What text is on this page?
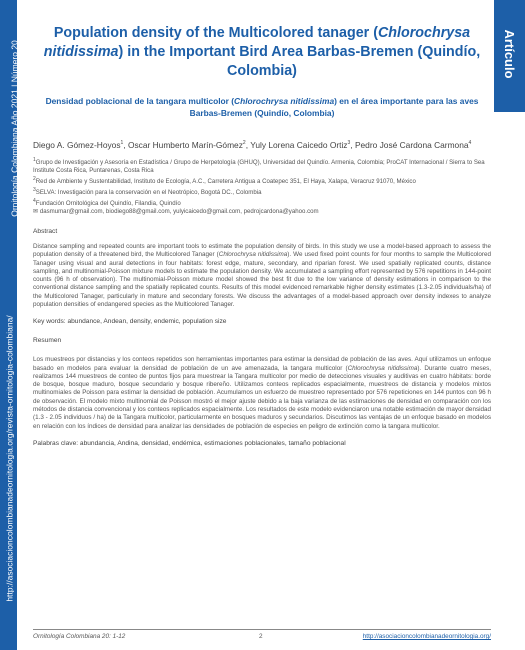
Ornitología Colombiana Año 2021 | Número 20
http://asociacioncolombianadeornitologia.org/revista-ornitologia-colombiana/
Artículo
Population density of the Multicolored tanager (Chlorochrysa nitidissima) in the Important Bird Area Barbas-Bremen (Quindío, Colombia)
Densidad poblacional de la tangara multicolor (Chlorochrysa nitidissima) en el área importante para las aves Barbas-Bremen (Quindío, Colombia)
Diego A. Gómez-Hoyos$^1$, Oscar Humberto Marín-Gómez$^2$, Yuly Lorena Caicedo Ortiz$^3$, Pedro José Cardona Carmona$^4$
$^1$Grupo de Investigación y Asesoría en Estadística / Grupo de Herpetología (GHUQ), Universidad del Quindío. Armenia, Colombia; ProCAT Internacional / Sierra to Sea Institute Costa Rica, Puntarenas, Costa Rica
$^2$Red de Ambiente y Sustentabilidad, Instituto de Ecología, A.C., Carretera Antigua a Coatepec 351, El Haya, Xalapa, Veracruz 91070, México
$^3$SELVA: Investigación para la conservación en el Neotrópico, Bogotá DC., Colombia
$^4$Fundación Ornitológica del Quindío, Filandia, Quindío
✉ dasmumar@gmail.com, biodiego88@gmail.com, yulyicaicedo@gmail.com, pedrojcardona@yahoo.com
Abstract
Distance sampling and repeated counts are important tools to estimate the population density of birds. In this study we use a model-based approach to assess the population density of a threatened bird, the Multicolored Tanager (Chlorochrysa nitidissima). We used fixed point counts for four months to sample the Multicolored Tanager using visual and aural detections in four habitats: forest edge, mature, secondary, and riparian forest. We used spatially replicated counts, distance sampling, and multinomial-Poisson mixture models to estimate the population density. We accumulated a sampling effort represented by 576 repetitions in 144-point counts (96 h of observation). The multinomial-Poisson mixture model showed the best fit due to the low variance of density estimations in comparison to the conventional distance sampling and the spatially replicated counts. Results of this model evidenced remarkable higher density estimates (1.3-2.05 individuals/ha) of the Multicolored Tanager, particularly in mature and secondary forests. We discuss the advantages of a model-based approach over density indexes to analyze population densities of endangered species as the Multicolored Tanager.
Key words: abundance, Andean, density, endemic, population size
Resumen
Los muestreos por distancias y los conteos repetidos son herramientas importantes para estimar la densidad de población de las aves. Aquí utilizamos un enfoque basado en modelos para evaluar la densidad de población de un ave amenazada, la tangara multicolor (Chlorochrysa nitidissima). Durante cuatro meses, realizamos 144 muestreos de conteo de puntos fijos para muestrear la Tangara multicolor por medio de detecciones visuales y auditivas en cuatro hábitats: borde de bosque, bosque maduro, bosque secundario y bosque ribereño. Utilizamos conteos replicados espacialmente, muestreos de distancia y modelos mixtos multinomiales de Poisson para estimar la densidad de población. Acumulamos un esfuerzo de muestreo representado por 576 repeticiones en 144 puntos con 96 h de observación. El modelo mixto multinomial de Poisson mostró el mejor ajuste debido a la baja varianza de las estimaciones de densidad en comparación con los métodos de distancia convencional y los conteos replicados espacialmente. Los resultados de este modelo evidenciaron una notable estimación de mayor densidad (1.3 - 2.05 individuos / ha) de la Tangara multicolor, particularmente en bosques maduros y secundarios. Discutimos las ventajas de un enfoque basado en modelos en relación con los índices de densidad para analizar las densidades de población de especies en peligro de extinción como la tangara multicolor.
Palabras clave: abundancia, Andina, densidad, endémica, estimaciones poblacionales, tamaño poblacional
Ornitología Colombiana 20: 1-12	2	http://asociacioncolombianadeornitologia.org/
